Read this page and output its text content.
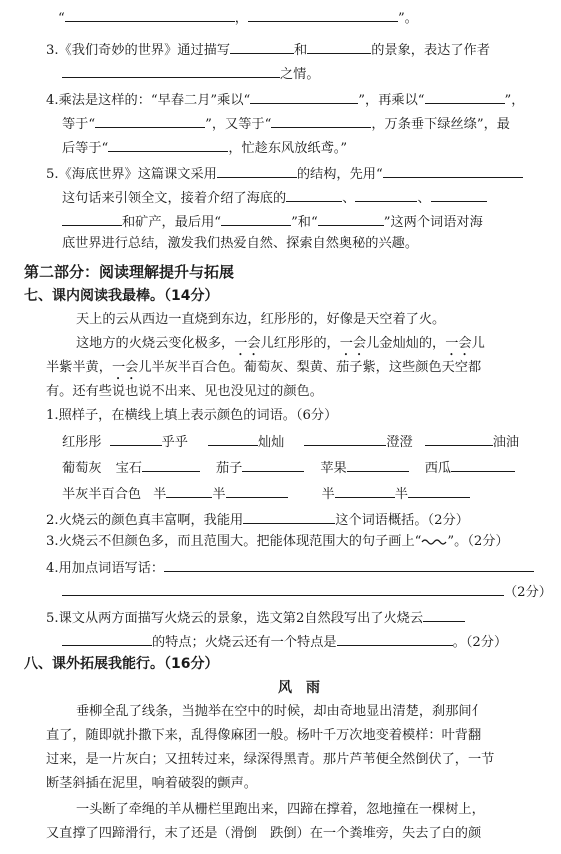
“	，	”。
3.《我们奇妙的世界》通过描写	和	的景象，表达了作者
之情。
4.乘法是这样的：“早春二月”乘以“	”，再乘以“	”，
等于“	”，又等于“	，万条垂下绿丝绦”，最
后等于“	，忙趁东风放纸鸢。”
5.《海底世界》这篇课文采用	的结构，先用“
这句话来引领全文，接着介绍了海底的	、	、
和矿产，最后用“	”和“	”这两个词语对海
底世界进行总结，激发我们热爱自然、探索自然奥秘的兴趣。
第二部分：阅读理解提升与拓展
七、课内阅读我最棒。（14分）
天上的云从西边一直烧到东边，红彤彤的，好像是天空着了火。
这地方的火烧云变化极多，一会儿红彤彤的，一会儿金灿灿的，一会儿
半紫半黄，一会儿半灰半百合色。葡萄灰、梨黄、茄子紫，这些颜色天空都
有。还有些说也说不出来、见也没见过的颜色。
1.照样子，在横线上填上表示颜色的词语。（6分）
红彤彤	乎乎	灿灿	澄澄	油油
葡萄灰 宝石	茄子	苹果	西瓜
半灰半百合色 半	半	半	半
2.火烧云的颜色真丰富啊，我能用	这个词语概括。（2分）
3.火烧云不但颜色多，而且范围大。把能体现范围大的句子画上“ ”。（2分）
4.用加点词语写话：
（2分）
5.课文从两方面描写火烧云的景象，选文第2自然段写出了火烧云
的特点；火烧云还有一个特点是	。（2分）
八、课外拓展我能行。（16分）
风　雨
垂柳全乱了线条，当抛举在空中的时候，却由奇地显出清楚，刹那间亻
直了，随即就扑撒下来，乱得像麻团一般。杨叶千万次地变着模样：叶背翻
过来，是一片灰白；又扭转过来，绿深得黑青。那片芦苇便全然倒伏了，一节
断茎斜插在泥里，响着破裂的颤声。
一头断了牵绳的羊从栅栏里跑出来，四蹄在撑着，忽地撞在一棵树上，
又直撑了四蹄滑行，末了还是（滑倒　跌倒）在一个粪堆旁，失去了白的颜
